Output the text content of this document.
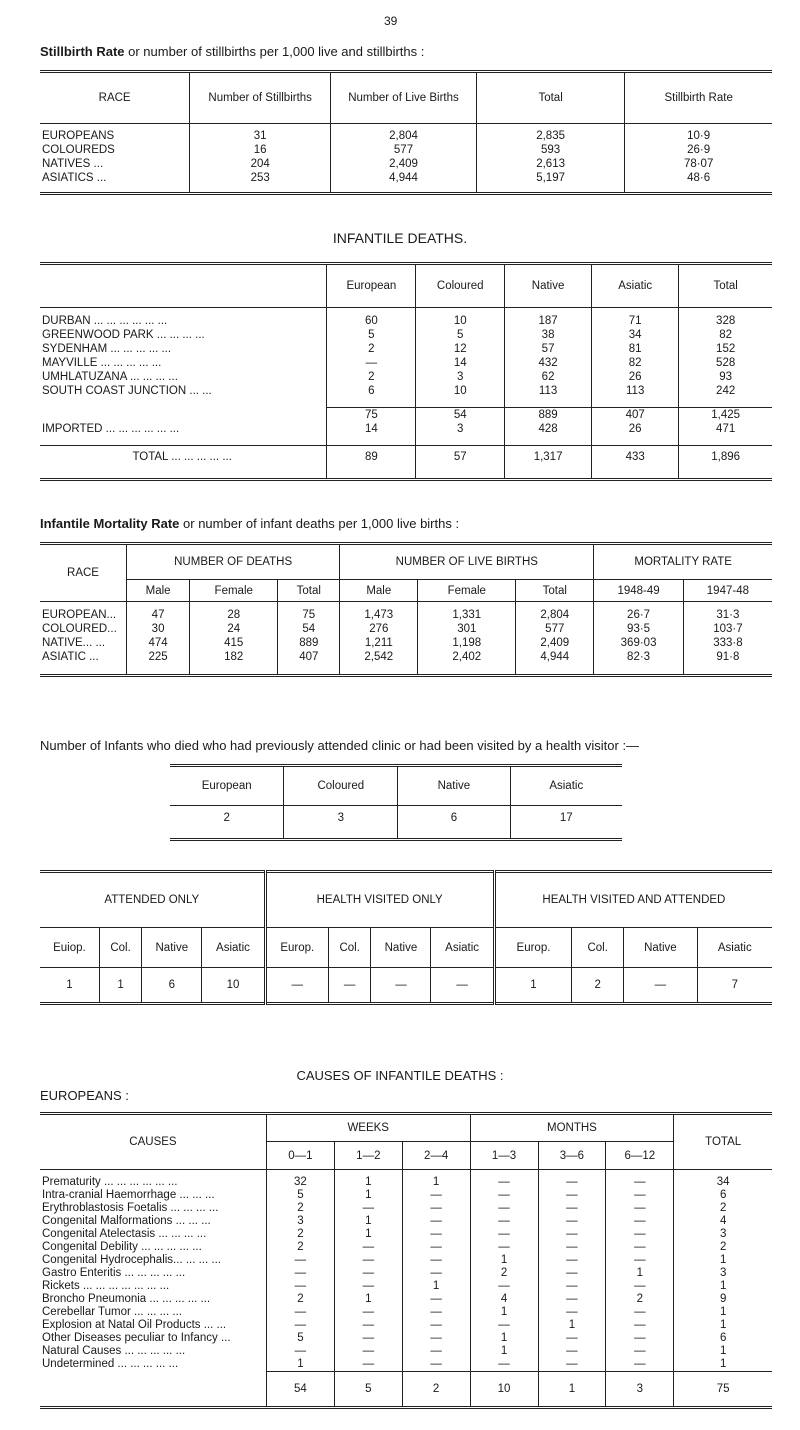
39
Stillbirth Rate or number of stillbirths per 1,000 live and stillbirths :
RACE	Number of Stillbirths	Number of Live Births	Total	Stillbirth Rate
EUROPEANS	31	2,804	2,835	10·9
COLOUREDS	16	577	593	26·9
NATIVES ...	204	2,409	2,613	78·07
ASIATICS ...	253	4,944	5,197	48·6

INFANTILE DEATHS.
	European	Coloured	Native	Asiatic	Total

DURBAN ... ... ... ... ... ...	60	10	187	71	328
GREENWOOD PARK ... ... ... ...	5	5	38	34	82
SYDENHAM ... ... ... ... ...	2	12	57	81	152
MAYVILLE ... ... ... ... ...	—	14	432	82	528
UMHLATUZANA ... ... ... ...	2	3	62	26	93
SOUTH COAST JUNCTION ... ...	6	10	113	113	242

	75	54	889	407	1,425
IMPORTED ... ... ... ... ... ...	14	3	428	26	471

TOTAL ... ... ... ... ...	89	57	1,317	433	1,896

Infantile Mortality Rate or number of infant deaths per 1,000 live births :
RACE	NUMBER OF DEATHS			NUMBER OF LIVE BIRTHS			MORTALITY RATE	
	Male	Female	Total	Male	Female	Total	1948-49	1947-48

EUROPEAN...	47	28	75	1,473	1,331	2,804	26·7	31·3
COLOURED...	30	24	54	276	301	577	93·5	103·7
NATIVE... ...	474	415	889	1,211	1,198	2,409	369·03	333·8
ASIATIC ...	225	182	407	2,542	2,402	4,944	82·3	91·8

Number of Infants who died who had previously attended clinic or had been visited by a health visitor :—
European	Coloured	Native	Asiatic
2	3	6	17
ATTENDED ONLY				HEALTH VISITED ONLY				HEALTH VISITED AND ATTENDED			
Euiop.	Col.	Native	Asiatic	Europ.	Col.	Native	Asiatic	Europ.	Col.	Native	Asiatic
1	1	6	10	—	—	—	—	1	2	—	7
CAUSES OF INFANTILE DEATHS :
EUROPEANS :
CAUSES	WEEKS			MONTHS			TOTAL
	0—1	1—2	2—4	1—3	3—6	6—12	

Prematurity ... ... ... ... ... ...	32	1	1	—	—	—	34
Intra-cranial Haemorrhage ... ... ...	5	1	—	—	—	—	6
Erythroblastosis Foetalis ... ... ... ...	2	—	—	—	—	—	2
Congenital Malformations ... ... ...	3	1	—	—	—	—	4
Congenital Atelectasis ... ... ... ...	2	1	—	—	—	—	3
Congenital Debility ... ... ... ... ...	2	—	—	—	—	—	2
Congenital Hydrocephalis... ... ... ...	—	—	—	1	—	—	1
Gastro Enteritis ... ... ... ... ...	—	—	—	2	—	1	3
Rickets ... ... ... ... ... ... ...	—	—	1	—	—	—	1
Broncho Pneumonia ... ... ... ... ...	2	1	—	4	—	2	9
Cerebellar Tumor ... ... ... ...	—	—	—	1	—	—	1
Explosion at Natal Oil Products ... ...	—	—	—	—	1	—	1
Other Diseases peculiar to Infancy ...	5	—	—	1	—	—	6
Natural Causes ... ... ... ... ...	—	—	—	1	—	—	1
Undetermined ... ... ... ... ...	1	—	—	—	—	—	1
	54	5	2	10	1	3	75
